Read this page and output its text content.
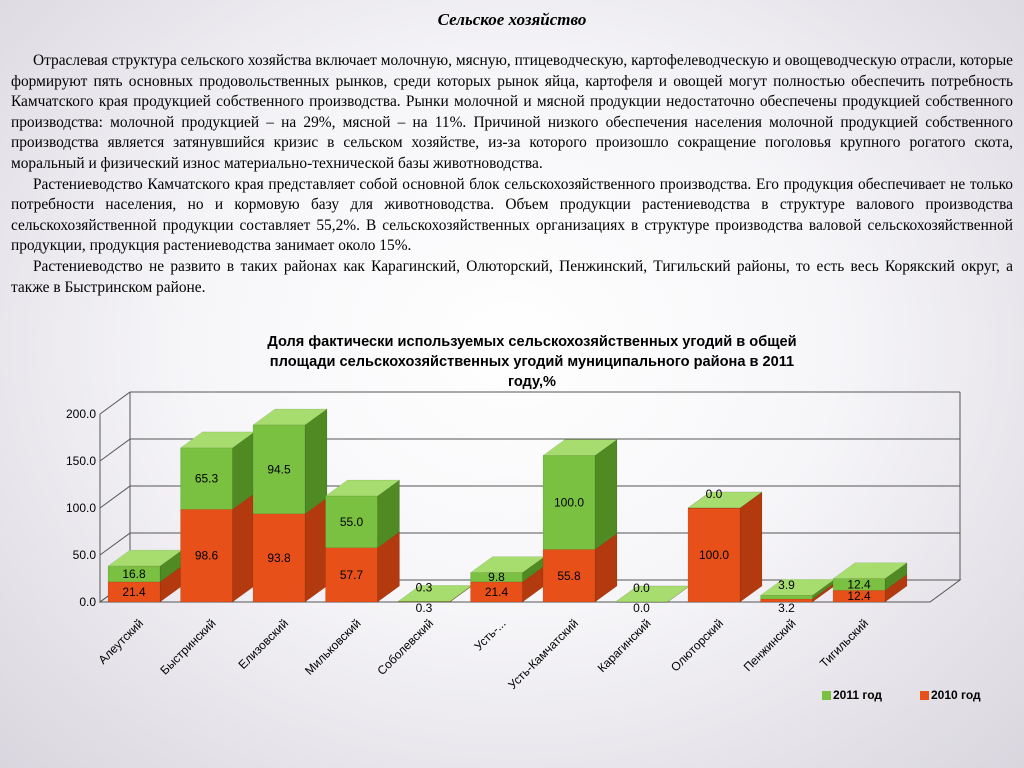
Сельское хозяйство

Отраслевая структура сельского хозяйства включает молочную, мясную, птицеводческую, картофелеводческую и овощеводческую отрасли, которые формируют пять основных продовольственных рынков, среди которых рынок яйца, картофеля и овощей могут полностью обеспечить потребность Камчатского края продукцией собственного производства. Рынки молочной и мясной продукции недостаточно обеспечены продукцией собственного производства: молочной продукцией – на 29%, мясной – на 11%. Причиной низкого обеспечения населения молочной продукцией собственного производства является затянувшийся кризис в сельском хозяйстве, из-за которого произошло сокращение поголовья крупного рогатого скота, моральный и физический износ материально-технической базы животноводства.

Растениеводство Камчатского края представляет собой основной блок сельскохозяйственного производства. Его продукция обеспечивает не только потребности населения, но и кормовую базу для животноводства. Объем продукции растениеводства в структуре валового производства сельскохозяйственной продукции составляет 55,2%. В сельскохозяйственных организациях в структуре производства валовой сельскохозяйственной продукции, продукция растениеводства занимает около 15%.

Растениеводство не развито в таких районах как Карагинский, Олюторский, Пенжинский, Тигильский районы, то есть весь Корякский округ, а также в Быстринском районе.

Доля фактически используемых сельскохозяйственных угодий в общей площади сельскохозяйственных угодий муниципального района в 2011 году,%
0.0
50.0
100.0
150.0
200.0
21.4
16.8
Алеутский
98.6
65.3
Быстринский
93.8
94.5
Елизовский
57.7
55.0
Мильковский
0.3
0.3
Соболевский
21.4
9.8
Усть-...
55.8
100.0
Усть-Камчатский
0.0
0.0
Карагинский
100.0
0.0
Олюторский
3.2
3.9
Пенжинский
12.4
12.4
Тигильский
2011 год	2010 год
